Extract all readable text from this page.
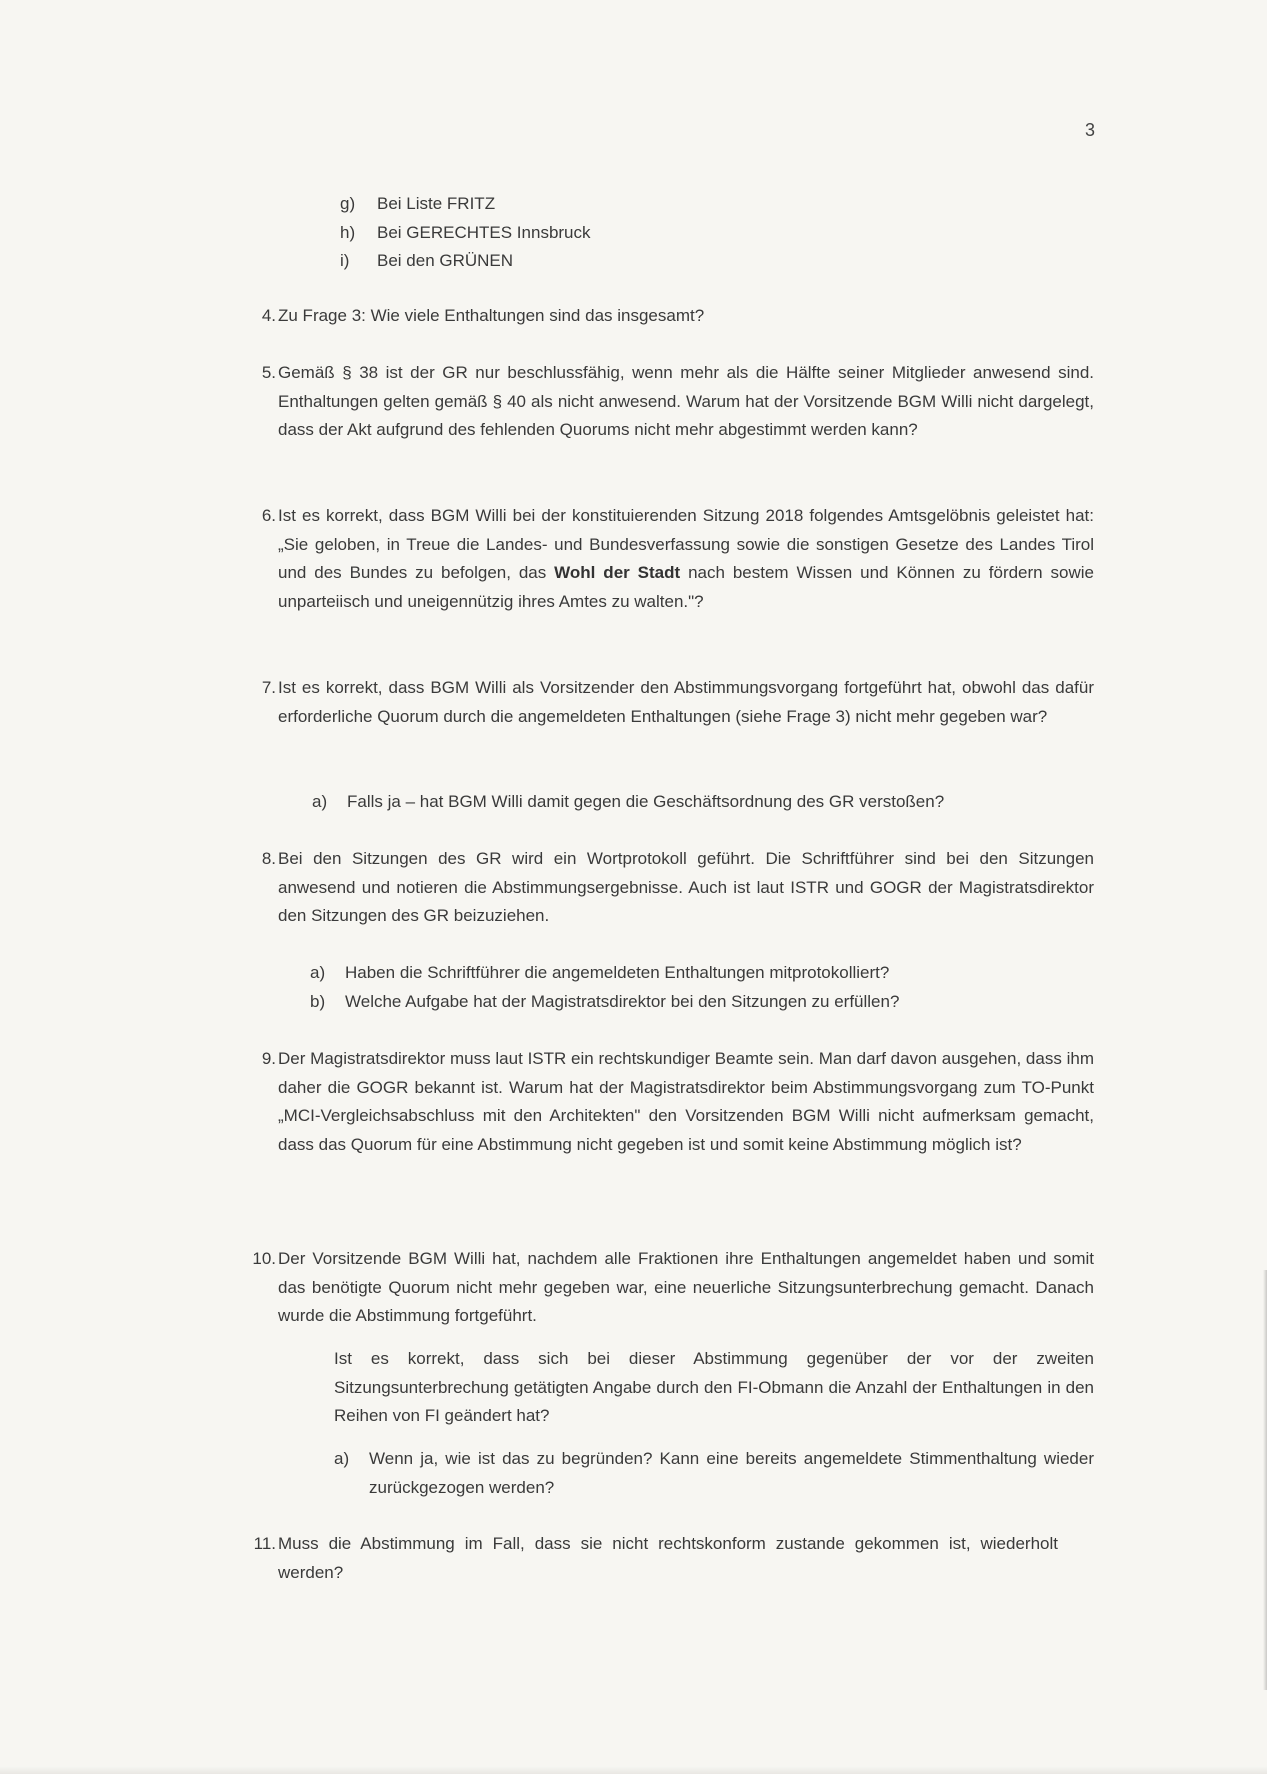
3
g)	Bei Liste FRITZ
h)	Bei GERECHTES Innsbruck
i)	Bei den GRÜNEN
4. Zu Frage 3: Wie viele Enthaltungen sind das insgesamt?
5. Gemäß § 38 ist der GR nur beschlussfähig, wenn mehr als die Hälfte seiner Mitglieder anwesend sind. Enthaltungen gelten gemäß § 40 als nicht anwesend. Warum hat der Vorsitzende BGM Willi nicht dargelegt, dass der Akt aufgrund des fehlenden Quorums nicht mehr abgestimmt werden kann?
6. Ist es korrekt, dass BGM Willi bei der konstituierenden Sitzung 2018 folgendes Amtsgelöbnis geleistet hat: „Sie geloben, in Treue die Landes- und Bundesverfassung sowie die sonstigen Gesetze des Landes Tirol und des Bundes zu befolgen, das Wohl der Stadt nach bestem Wissen und Können zu fördern sowie unparteiisch und uneigennützig ihres Amtes zu walten."?
7. Ist es korrekt, dass BGM Willi als Vorsitzender den Abstimmungsvorgang fortgeführt hat, obwohl das dafür erforderliche Quorum durch die angemeldeten Enthaltungen (siehe Frage 3) nicht mehr gegeben war?
a)	Falls ja – hat BGM Willi damit gegen die Geschäftsordnung des GR verstoßen?
8. Bei den Sitzungen des GR wird ein Wortprotokoll geführt. Die Schriftführer sind bei den Sitzungen anwesend und notieren die Abstimmungsergebnisse. Auch ist laut ISTR und GOGR der Magistratsdirektor den Sitzungen des GR beizuziehen.
a)	Haben die Schriftführer die angemeldeten Enthaltungen mitprotokolliert?
b)	Welche Aufgabe hat der Magistratsdirektor bei den Sitzungen zu erfüllen?
9. Der Magistratsdirektor muss laut ISTR ein rechtskundiger Beamte sein. Man darf davon ausgehen, dass ihm daher die GOGR bekannt ist. Warum hat der Magistratsdirektor beim Abstimmungsvorgang zum TO-Punkt „MCI-Vergleichsabschluss mit den Architekten" den Vorsitzenden BGM Willi nicht aufmerksam gemacht, dass das Quorum für eine Abstimmung nicht gegeben ist und somit keine Abstimmung möglich ist?
10. Der Vorsitzende BGM Willi hat, nachdem alle Fraktionen ihre Enthaltungen angemeldet haben und somit das benötigte Quorum nicht mehr gegeben war, eine neuerliche Sitzungsunterbrechung gemacht. Danach wurde die Abstimmung fortgeführt.
Ist es korrekt, dass sich bei dieser Abstimmung gegenüber der vor der zweiten Sitzungsunterbrechung getätigten Angabe durch den FI-Obmann die Anzahl der Enthaltungen in den Reihen von FI geändert hat?
a)	Wenn ja, wie ist das zu begründen? Kann eine bereits angemeldete Stimmenthaltung wieder zurückgezogen werden?
11. Muss die Abstimmung im Fall, dass sie nicht rechtskonform zustande gekommen ist, wiederholt werden?
